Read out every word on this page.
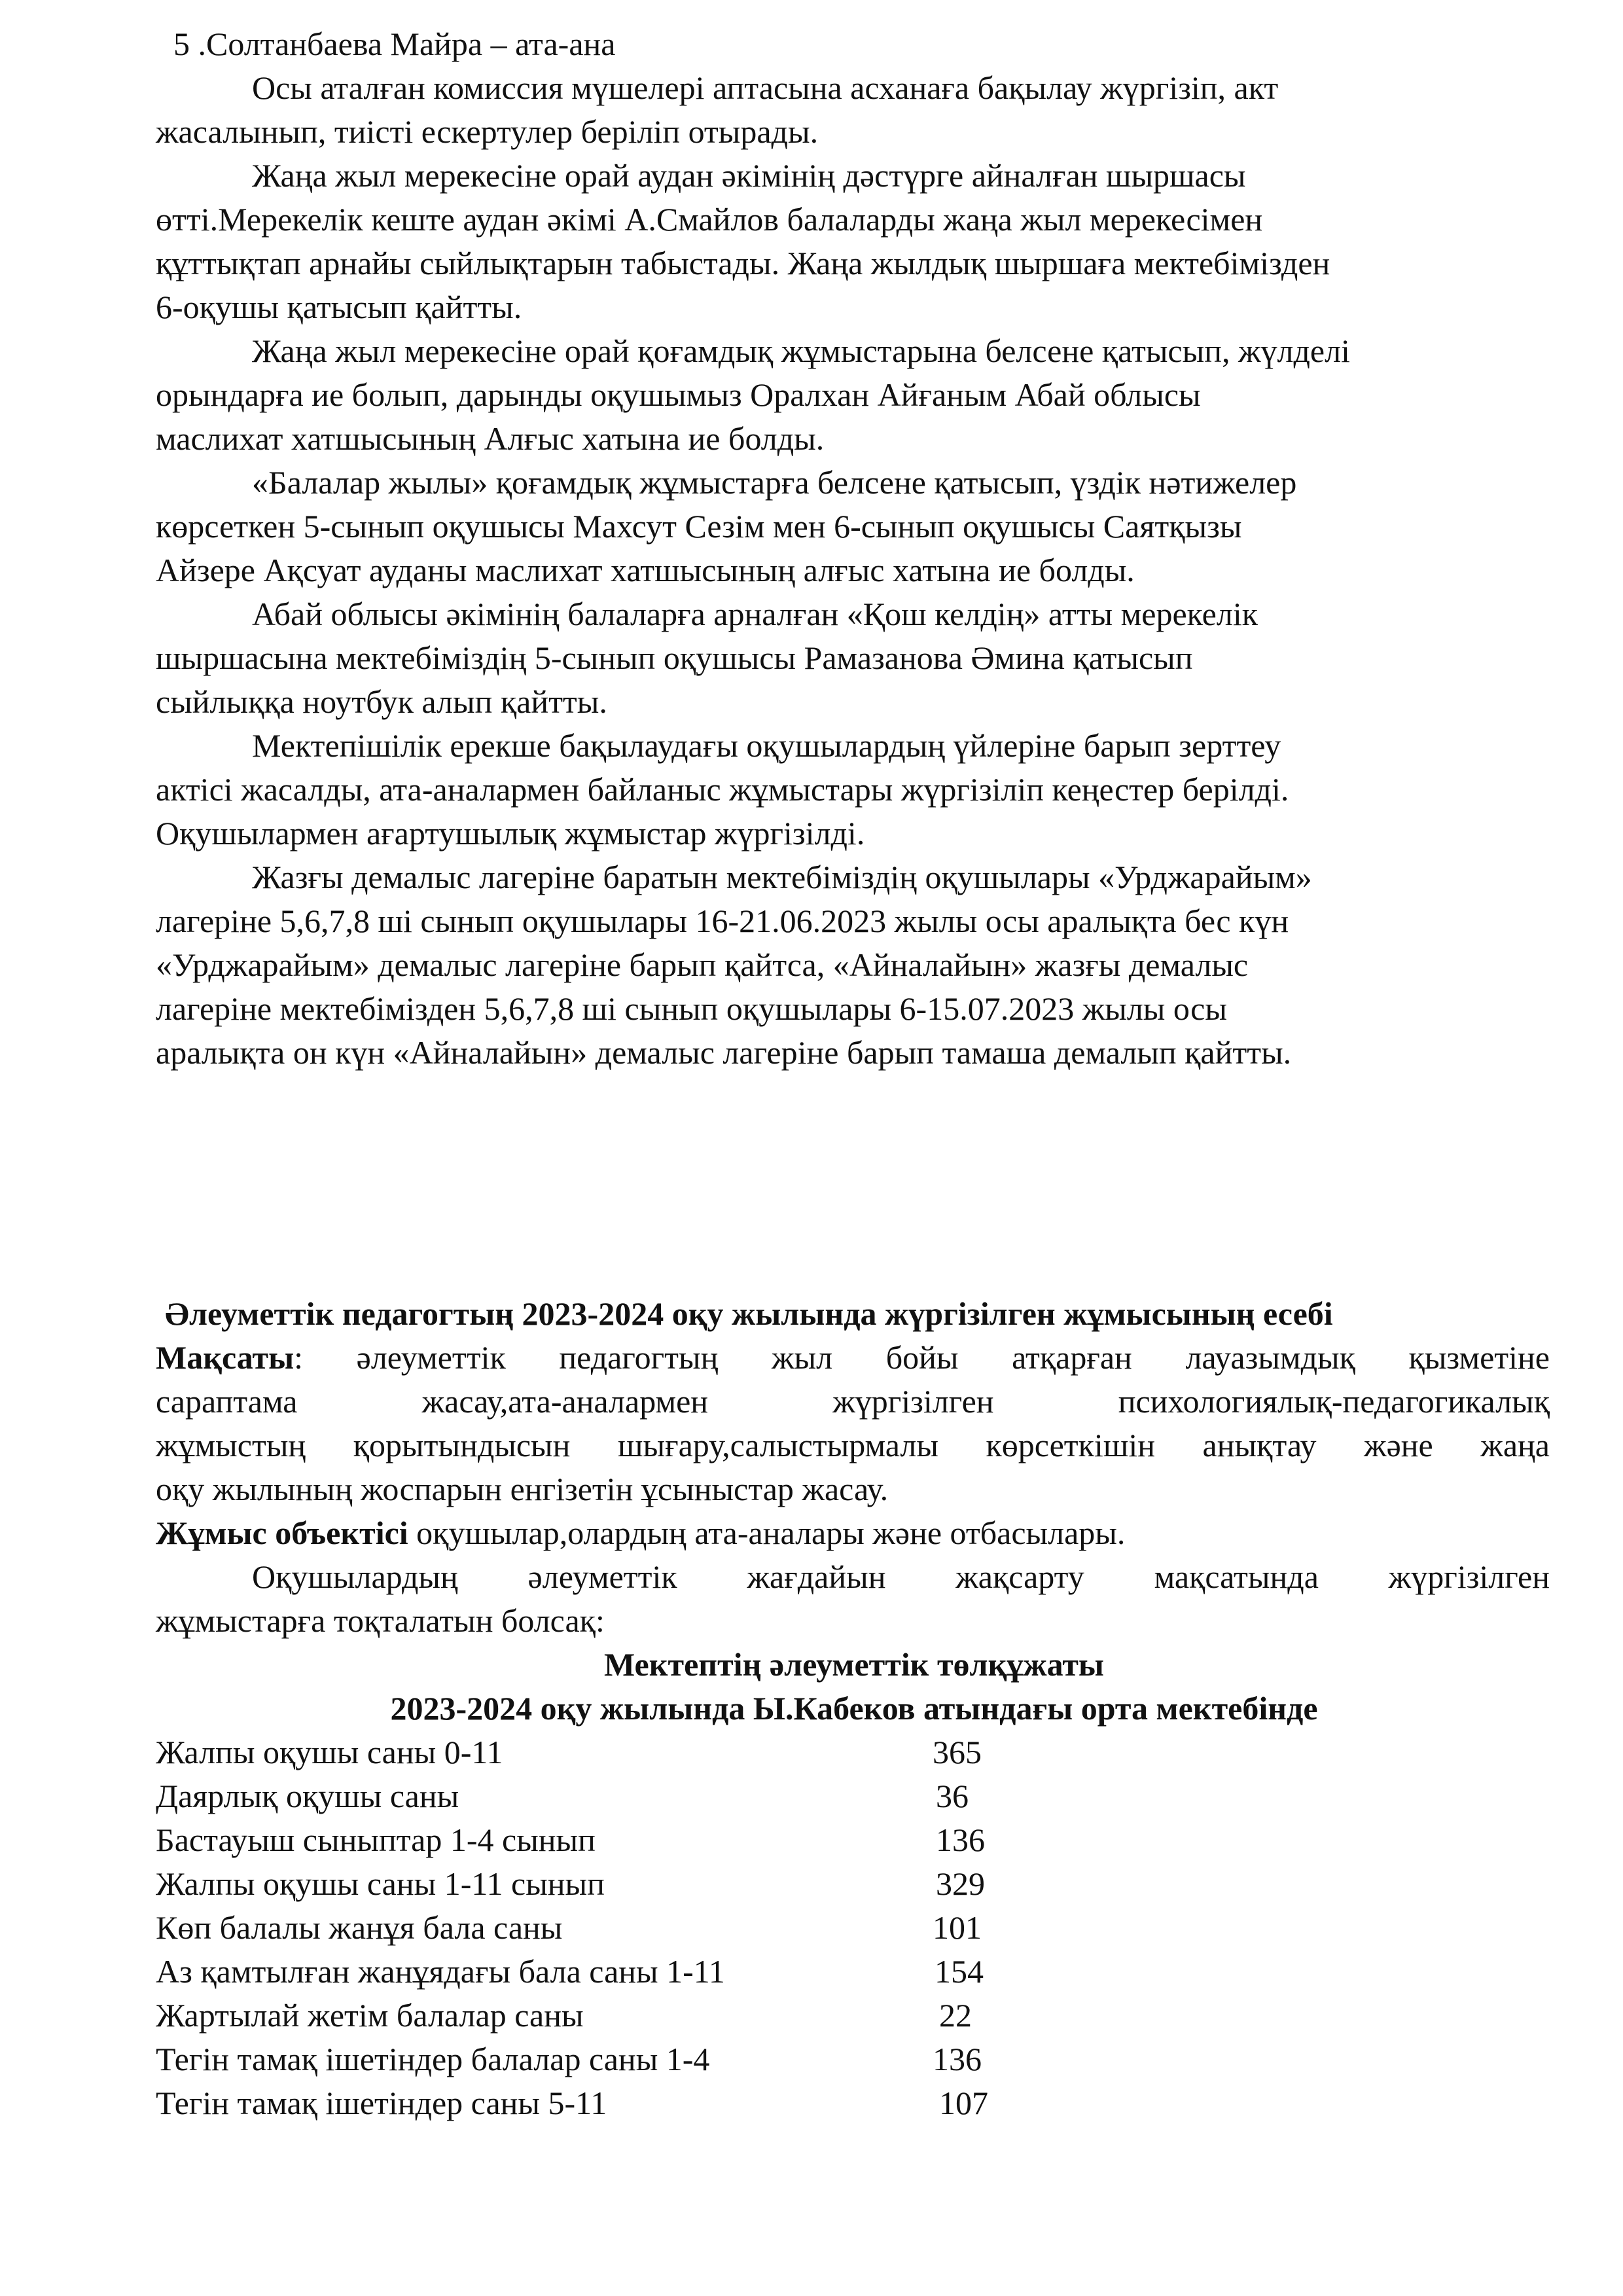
5 .Солтанбаева Майра – ата-ана
Осы аталған комиссия мүшелері аптасына асханаға бақылау жүргізіп, акт
жасалынып, тиісті ескертулер беріліп отырады.
Жаңа жыл мерекесіне орай аудан әкімінің дәстүрге айналған шыршасы
өтті.Мерекелік кеште аудан әкімі А.Смайлов балаларды жаңа жыл мерекесімен
құттықтап арнайы сыйлықтарын табыстады. Жаңа жылдық шыршаға мектебімізден
6-оқушы қатысып қайтты.
Жаңа жыл мерекесіне орай қоғамдық жұмыстарына белсене қатысып, жүлделі
орындарға ие болып, дарынды оқушымыз Оралхан Айғаным Абай облысы
маслихат хатшысының Алғыс хатына ие болды.
«Балалар жылы» қоғамдық жұмыстарға белсене қатысып, үздік нәтижелер
көрсеткен 5-сынып оқушысы Махсут Сезім мен 6-сынып оқушысы Саятқызы
Айзере Ақсуат ауданы маслихат хатшысының алғыс хатына ие болды.
Абай облысы әкімінің балаларға арналған «Қош келдің» атты мерекелік
шыршасына мектебіміздің 5-сынып оқушысы Рамазанова Әмина қатысып
сыйлыққа ноутбук алып қайтты.
Мектепішілік ерекше бақылаудағы оқушылардың үйлеріне барып зерттеу
актісі жасалды, ата-аналармен байланыс жұмыстары жүргізіліп кеңестер берілді.
Оқушылармен ағартушылық жұмыстар жүргізілді.
Жазғы демалыс лагеріне баратын мектебіміздің оқушылары «Урджарайым»
лагеріне 5,6,7,8 ші сынып оқушылары 16-21.06.2023 жылы осы аралықта бес күн
«Урджарайым» демалыс лагеріне барып қайтса, «Айналайын» жазғы демалыс
лагеріне мектебімізден 5,6,7,8 ші сынып оқушылары 6-15.07.2023 жылы осы
аралықта он күн «Айналайын» демалыс лагеріне барып тамаша демалып қайтты.
Әлеуметтік педагогтың 2023-2024 оқу жылында жүргізілген жұмысының есебі
Мақсаты: әлеуметтік педагогтың жыл бойы атқарған лауазымдық қызметіне
сараптама жасау,ата-аналармен жүргізілген психологиялық-педагогикалық
жұмыстың қорытындысын шығару,салыстырмалы көрсеткішін анықтау және жаңа
оқу жылының жоспарын енгізетін ұсыныстар жасау.
Жұмыс объектісі оқушылар,олардың ата-аналары және отбасылары.
Оқушылардың әлеуметтік жағдайын жақсарту мақсатында жүргізілген
жұмыстарға тоқталатын болсақ:
Мектептің әлеуметтік төлқұжаты
2023-2024 оқу жылында Ы.Кабеков атындағы орта мектебінде
Жалпы оқушы саны 0-11	365
Даярлық оқушы саны	36
Бастауыш сыныптар 1-4 сынып	136
Жалпы оқушы саны 1-11 сынып	329
Көп балалы жанұя бала саны	101
Аз қамтылған жанұядағы бала саны 1-11	154
Жартылай жетім балалар саны	22
Тегін тамақ ішетіндер балалар саны 1-4	136
Тегін тамақ ішетіндер саны 5-11	107
